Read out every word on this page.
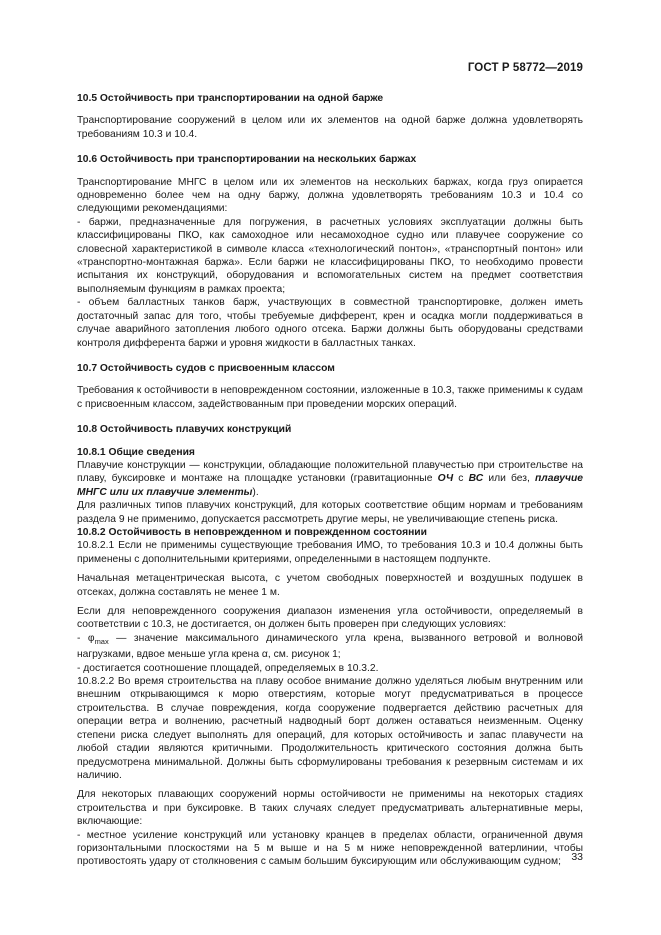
ГОСТ Р 58772—2019

10.5 Остойчивость при транспортировании на одной барже

Транспортирование сооружений в целом или их элементов на одной барже должна удовлетворять требованиям 10.3 и 10.4.

10.6 Остойчивость при транспортировании на нескольких баржах

Транспортирование МНГС в целом или их элементов на нескольких баржах, когда груз опирается одновременно более чем на одну баржу, должна удовлетворять требованиям 10.3 и 10.4 со следующими рекомендациями:

- баржи, предназначенные для погружения, в расчетных условиях эксплуатации должны быть классифицированы ПКО, как самоходное или несамоходное судно или плавучее сооружение со словесной характеристикой в символе класса «технологический понтон», «транспортный понтон» или «транспортно-монтажная баржа». Если баржи не классифицированы ПКО, то необходимо провести испытания их конструкций, оборудования и вспомогательных систем на предмет соответствия выполняемым функциям в рамках проекта;

- объем балластных танков барж, участвующих в совместной транспортировке, должен иметь достаточный запас для того, чтобы требуемые дифферент, крен и осадка могли поддерживаться в случае аварийного затопления любого одного отсека. Баржи должны быть оборудованы средствами контроля дифферента баржи и уровня жидкости в балластных танках.

10.7 Остойчивость судов с присвоенным классом

Требования к остойчивости в неповрежденном состоянии, изложенные в 10.3, также применимы к судам с присвоенным классом, задействованным при проведении морских операций.

10.8 Остойчивость плавучих конструкций

10.8.1 Общие сведения

Плавучие конструкции — конструкции, обладающие положительной плавучестью при строительстве на плаву, буксировке и монтаже на площадке установки (гравитационные ОЧ с ВС или без, плавучие МНГС или их плавучие элементы).

Для различных типов плавучих конструкций, для которых соответствие общим нормам и требованиям раздела 9 не применимо, допускается рассмотреть другие меры, не увеличивающие степень риска.

10.8.2 Остойчивость в неповрежденном и поврежденном состоянии

10.8.2.1 Если не применимы существующие требования ИМО, то требования 10.3 и 10.4 должны быть применены с дополнительными критериями, определенными в настоящем подпункте.

Начальная метацентрическая высота, с учетом свободных поверхностей и воздушных подушек в отсеках, должна составлять не менее 1 м.

Если для неповрежденного сооружения диапазон изменения угла остойчивости, определяемый в соответствии с 10.3, не достигается, он должен быть проверен при следующих условиях:

- $\varphi_{max}$ — значение максимального динамического угла крена, вызванного ветровой и волновой нагрузками, вдвое меньше угла крена α, см. рисунок 1;

- достигается соотношение площадей, определяемых в 10.3.2.

10.8.2.2 Во время строительства на плаву особое внимание должно уделяться любым внутренним или внешним открывающимся к морю отверстиям, которые могут предусматриваться в процессе строительства. В случае повреждения, когда сооружение подвергается действию расчетных для операции ветра и волнению, расчетный надводный борт должен оставаться неизменным. Оценку степени риска следует выполнять для операций, для которых остойчивость и запас плавучести на любой стадии являются критичными. Продолжительность критического состояния должна быть предусмотрена минимальной. Должны быть сформулированы требования к резервным системам и их наличию.

Для некоторых плавающих сооружений нормы остойчивости не применимы на некоторых стадиях строительства и при буксировке. В таких случаях следует предусматривать альтернативные меры, включающие:

- местное усиление конструкций или установку кранцев в пределах области, ограниченной двумя горизонтальными плоскостями на 5 м выше и на 5 м ниже неповрежденной ватерлинии, чтобы противостоять удару от столкновения с самым большим буксирующим или обслуживающим судном; 33
